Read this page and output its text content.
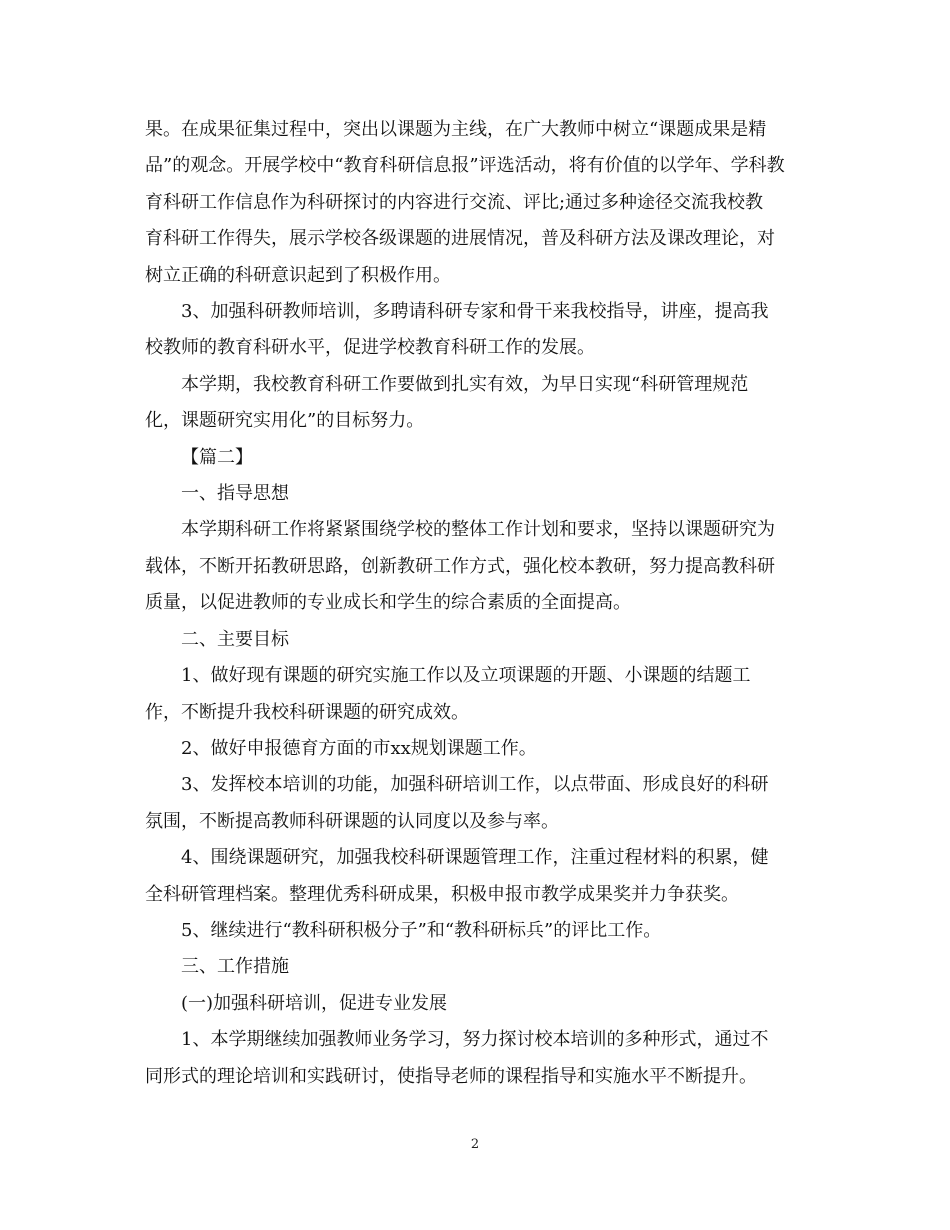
果。在成果征集过程中，突出以课题为主线，在广大教师中树立“课题成果是精
品”的观念。开展学校中“教育科研信息报”评选活动，将有价值的以学年、学科教
育科研工作信息作为科研探讨的内容进行交流、评比;通过多种途径交流我校教
育科研工作得失，展示学校各级课题的进展情况，普及科研方法及课改理论，对
树立正确的科研意识起到了积极作用。

3、加强科研教师培训，多聘请科研专家和骨干来我校指导，讲座，提高我
校教师的教育科研水平，促进学校教育科研工作的发展。

本学期，我校教育科研工作要做到扎实有效，为早日实现“科研管理规范
化，课题研究实用化”的目标努力。

【篇二】

一、指导思想

本学期科研工作将紧紧围绕学校的整体工作计划和要求，坚持以课题研究为
载体，不断开拓教研思路，创新教研工作方式，强化校本教研，努力提高教科研
质量，以促进教师的专业成长和学生的综合素质的全面提高。

二、主要目标

1、做好现有课题的研究实施工作以及立项课题的开题、小课题的结题工
作，不断提升我校科研课题的研究成效。

2、做好申报德育方面的市xx规划课题工作。

3、发挥校本培训的功能，加强科研培训工作，以点带面、形成良好的科研
氛围，不断提高教师科研课题的认同度以及参与率。

4、围绕课题研究，加强我校科研课题管理工作，注重过程材料的积累，健
全科研管理档案。整理优秀科研成果，积极申报市教学成果奖并力争获奖。

5、继续进行“教科研积极分子”和“教科研标兵”的评比工作。

三、工作措施

(一)加强科研培训，促进专业发展

1、本学期继续加强教师业务学习，努力探讨校本培训的多种形式，通过不
同形式的理论培训和实践研讨，使指导老师的课程指导和实施水平不断提升。

2
